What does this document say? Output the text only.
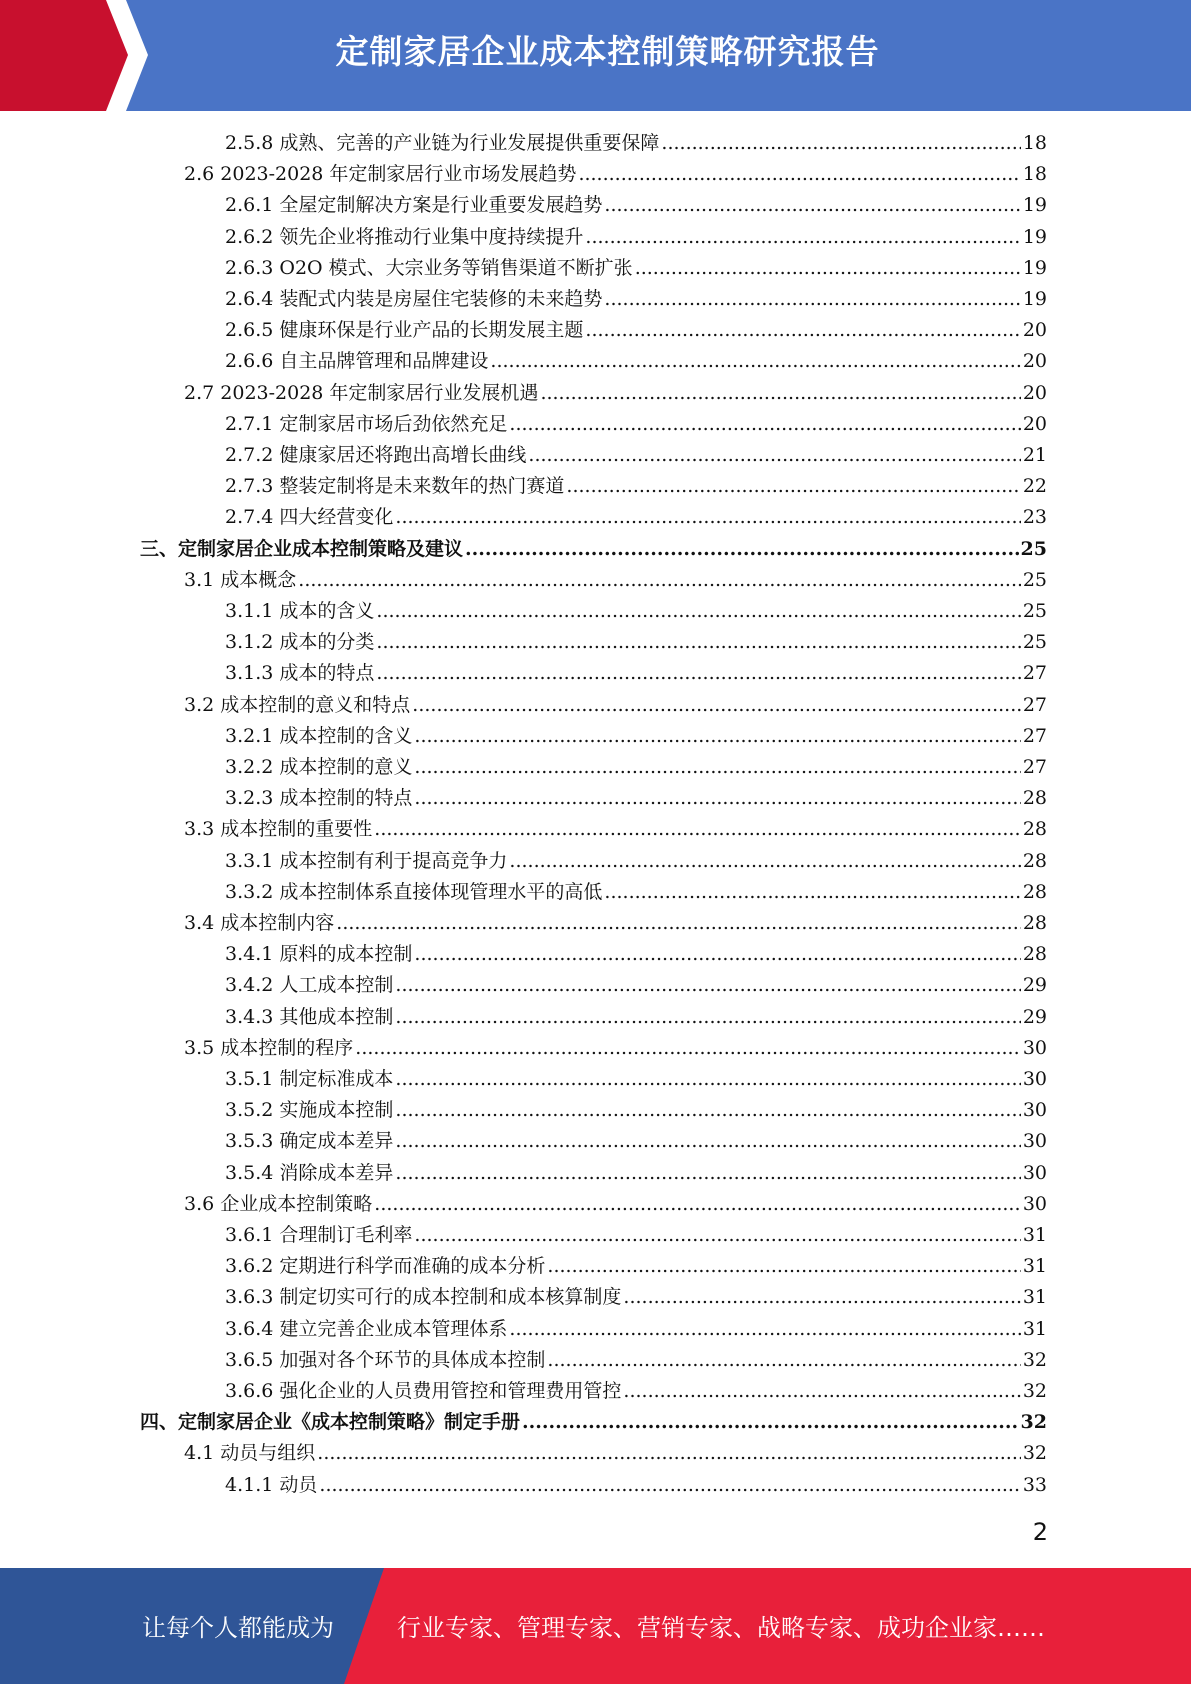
定制家居企业成本控制策略研究报告
2.5.8 成熟、完善的产业链为行业发展提供重要保障 .....	18
2.6 2023-2028 年定制家居行业市场发展趋势 .....	18
2.6.1 全屋定制解决方案是行业重要发展趋势 .....	19
2.6.2 领先企业将推动行业集中度持续提升 .....	19
2.6.3 O2O 模式、大宗业务等销售渠道不断扩张 .....	19
2.6.4 装配式内装是房屋住宅装修的未来趋势 .....	19
2.6.5 健康环保是行业产品的长期发展主题 .....	20
2.6.6 自主品牌管理和品牌建设 .....	20
2.7 2023-2028 年定制家居行业发展机遇 .....	20
2.7.1 定制家居市场后劲依然充足 .....	20
2.7.2 健康家居还将跑出高增长曲线 .....	21
2.7.3 整装定制将是未来数年的热门赛道 .....	22
2.7.4 四大经营变化 .....	23
三、 定制家居企业成本控制策略及建议 .....	25
3.1 成本概念 .....	25
3.1.1 成本的含义 .....	25
3.1.2 成本的分类 .....	25
3.1.3 成本的特点 .....	27
3.2 成本控制的意义和特点 .....	27
3.2.1 成本控制的含义 .....	27
3.2.2 成本控制的意义 .....	27
3.2.3 成本控制的特点 .....	28
3.3 成本控制的重要性 .....	28
3.3.1 成本控制有利于提高竞争力 .....	28
3.3.2 成本控制体系直接体现管理水平的高低 .....	28
3.4 成本控制内容 .....	28
3.4.1 原料的成本控制 .....	28
3.4.2 人工成本控制 .....	29
3.4.3 其他成本控制 .....	29
3.5 成本控制的程序 .....	30
3.5.1 制定标准成本 .....	30
3.5.2 实施成本控制 .....	30
3.5.3 确定成本差异 .....	30
3.5.4 消除成本差异 .....	30
3.6 企业成本控制策略 .....	30
3.6.1 合理制订毛利率 .....	31
3.6.2 定期进行科学而准确的成本分析 .....	31
3.6.3 制定切实可行的成本控制和成本核算制度 .....	31
3.6.4 建立完善企业成本管理体系 .....	31
3.6.5 加强对各个环节的具体成本控制 .....	32
3.6.6 强化企业的人员费用管控和管理费用管控 .....	32
四、 定制家居企业《成本控制策略》制定手册 .....	32
4.1 动员与组织 .....	32
4.1.1 动员 .....	33
2
让每个人都能成为	行业专家、管理专家、营销专家、战略专家、成功企业家……
